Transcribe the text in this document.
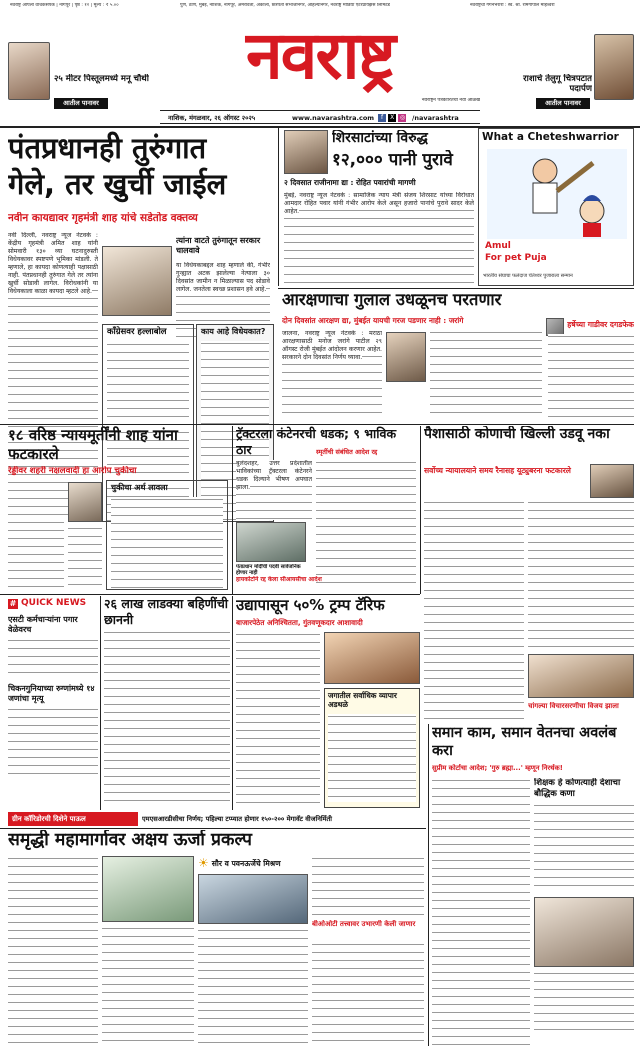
नवराष्ट्र आपला वाचकसंपर्क | नागपूर | पृष्ठ : १२ | मूल्य : ₹ ५.००	पुणे, ठाणे, मुंबई, नाशिक, नागपूर, अमरावती, अकोला, छत्रपती संभाजीनगर, अहिल्यानगर, नवराष्ट्र मीडिया एंटरप्रायझेस लिमिटेड	नवराष्ट्रची गगनभरारी : स्व. श्री. रामगोपाल माहेश्वरी
२५ मीटर पिस्तूलमध्ये मनू चौथी
आतील पानावर
नवराष्ट्र
नवराष्ट्रने पत्रकारितेची नवी ओळख
राशाचे तेलुगू चित्रपटात पदार्पण
आतील पानावर
नाशिक, मंगळवार, २६ ऑगस्ट २०२५	www.navarashtra.com	f X ◎ /navarashtra
पंतप्रधानही तुरुंगात
गेले, तर खुर्ची जाईल
नवीन कायद्यावर गृहमंत्री शाह यांचे सडेतोड वक्तव्य
नवी दिल्ली, नवराष्ट्र न्यूज नेटवर्क : केंद्रीय गृहमंत्री अमित शाह यांनी सोमवारी १३० व्या घटनादुरुस्ती विधेयकावर स्पष्टपणे भूमिका मांडली. ते म्हणाले, हा कायदा कोणत्याही पक्षासाठी नाही. पंतप्रधानही तुरुंगात गेले तर त्यांना खुर्ची सोडावी लागेल. विरोधकांनी या विधेयकाला काळा कायदा म्हटले आहे.
त्यांना वाटते तुरुंगातून सरकार चालवावे
या विधेयकाबद्दल शाह म्हणाले की, गंभीर गुन्ह्यात अटक झालेल्या नेत्याला ३० दिवसांत जामीन न मिळाल्यास पद सोडावे लागेल. जनतेला स्वच्छ प्रशासन हवे आहे.
कॉंग्रेसवर हल्लाबोल	काय आहे विधेयकात?
शिरसाटांच्या विरुद्ध
१२,००० पानी पुरावे
२ दिवसात राजीनामा द्या : रोहित पवारांची मागणी
मुंबई, नवराष्ट्र न्यूज नेटवर्क : सामाजिक न्याय मंत्री संजय शिरसाट यांच्या विरोधात आमदार रोहित पवार यांनी गंभीर आरोप केले असून हजारो पानांचे पुरावे सादर केले आहेत.
What a Cheteshwarrior
Amul
For pet Puja
भारतीय संघाचा फलंदाज चेतेश्वर पुजाराला सन्मान
आरक्षणाचा गुलाल उधळूनच परतणार
दोन दिवसांत आरक्षण द्या, मुंबईत यायची गरज पडणार नाही : जरांगे
जालना, नवराष्ट्र न्यूज नेटवर्क : मराठा आरक्षणासाठी मनोज जरांगे पाटील २९ ऑगस्ट रोजी मुंबईत आंदोलन करणार आहेत. सरकारने दोन दिवसांत निर्णय घ्यावा.
हर्षेच्या गाडीवर दगडफेक
१८ वरिष्ठ न्यायमूर्तींनी शाह यांना फटकारले
रेड्डीवर शहरी नक्षलवादी हा आरोप चुकीचा
चुकीचा अर्थ लावला
ट्रॅक्टरला कंटेनरची धडक; ९ भाविक ठार
बुलंदशहर, उत्तर प्रदेशातील भाविकांच्या ट्रॅक्टरला कंटेनरने धडक दिल्याने भीषण अपघात झाला.
पैशासाठी कोणाची खिल्ली उडवू नका
सर्वोच्च न्यायालयाने समय रैनासह यूट्युबरना फटकारले
चांगल्या विचारसरणीचा विजय झाला
# QUICK NEWS
एसटी कर्मचाऱ्यांना पगार वेळेवरच
चिकनगुनियाच्या रुग्णांमध्ये १४ जणांचा मृत्यू
२६ लाख लाडक्या बहिणींची छाननी
उद्यापासून ५०% ट्रम्प टॅरिफ
बाजारपेठेत अनिश्चितता, गुंतवणूकदार आशावादी
जगातील सर्वाधिक व्यापार अडथळे
ग्रीन कॉरिडोरची दिशेने पाऊल	एमएसआरडीसीचा निर्णय; पहिल्या टप्प्यात होणार १५०-२०० मेगावॅट वीजनिर्मिती
समृद्धी महामार्गावर अक्षय ऊर्जा प्रकल्प
☀ सौर व पवनऊर्जेचे मिश्रण
बीओओटी तत्त्वावर उभारणी केली जाणार
समान काम, समान वेतनचा अवलंब करा
सुप्रीम कोर्टाचा आदेश; 'गुरु ब्रह्मा...' म्हणून निरर्थक!
शिक्षक हे कोणत्याही देशाचा बौद्धिक कणा
हायकोर्टाने रद्द केला सीआयसीचा आदेश
पंतप्रधान मोदींची पदवी सार्वजनिक होणार नाही
स्मृतींची संबंधित आदेश रद्द
